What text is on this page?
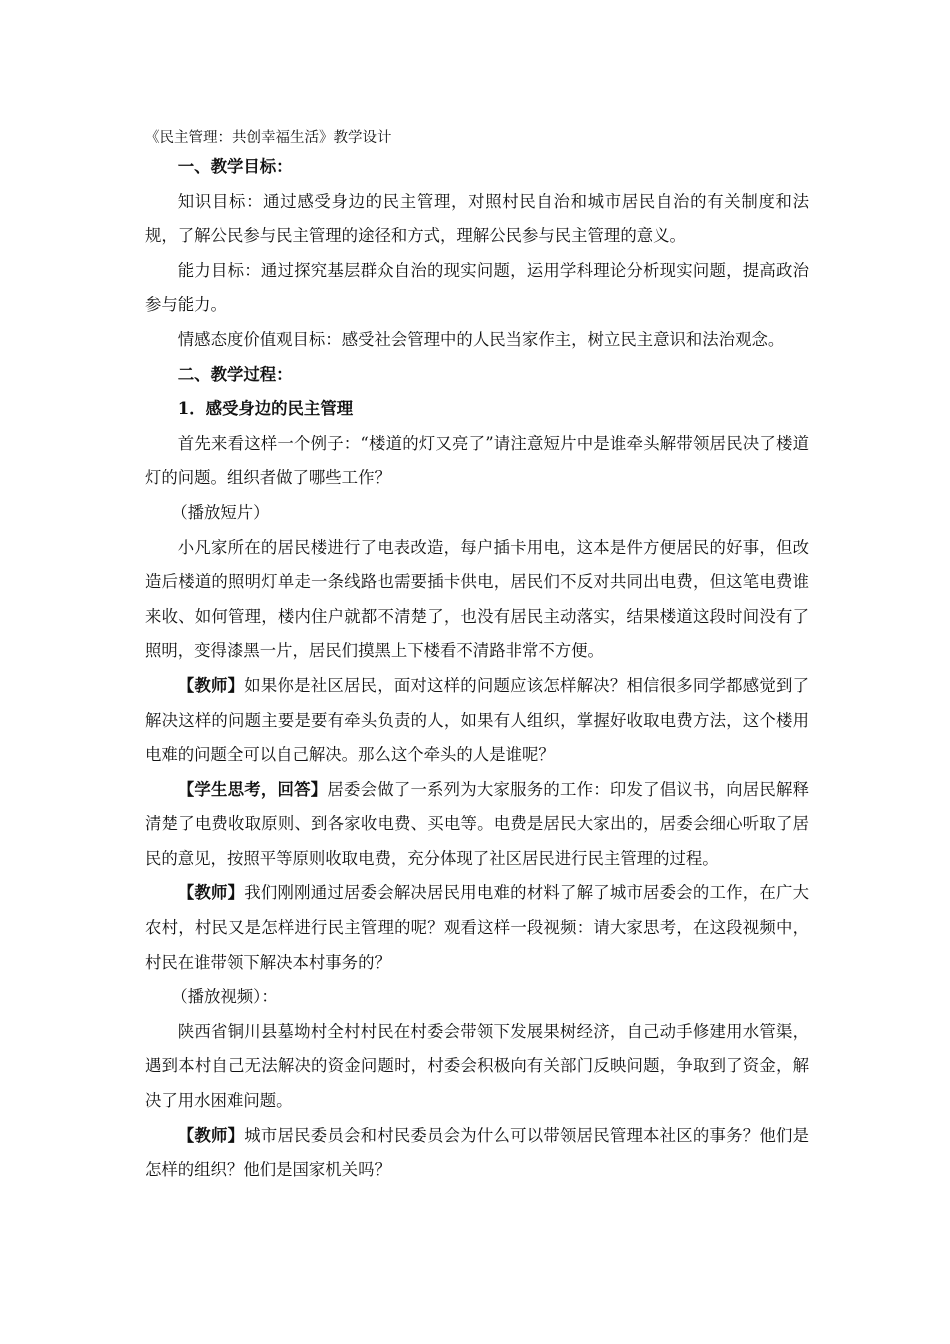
《民主管理：共创幸福生活》教学设计

一、教学目标：

知识目标：通过感受身边的民主管理，对照村民自治和城市居民自治的有关制度和法规，了解公民参与民主管理的途径和方式，理解公民参与民主管理的意义。

能力目标：通过探究基层群众自治的现实问题，运用学科理论分析现实问题，提高政治参与能力。

情感态度价值观目标：感受社会管理中的人民当家作主，树立民主意识和法治观念。

二、教学过程：

1．感受身边的民主管理

首先来看这样一个例子：“楼道的灯又亮了”请注意短片中是谁牵头解带领居民决了楼道灯的问题。组织者做了哪些工作？

（播放短片）

小凡家所在的居民楼进行了电表改造，每户插卡用电，这本是件方便居民的好事，但改造后楼道的照明灯单走一条线路也需要插卡供电，居民们不反对共同出电费，但这笔电费谁来收、如何管理，楼内住户就都不清楚了，也没有居民主动落实，结果楼道这段时间没有了照明，变得漆黑一片，居民们摸黑上下楼看不清路非常不方便。

【教师】如果你是社区居民，面对这样的问题应该怎样解决？相信很多同学都感觉到了解决这样的问题主要是要有牵头负责的人，如果有人组织，掌握好收取电费方法，这个楼用电难的问题全可以自己解决。那么这个牵头的人是谁呢？

【学生思考，回答】居委会做了一系列为大家服务的工作：印发了倡议书，向居民解释清楚了电费收取原则、到各家收电费、买电等。电费是居民大家出的，居委会细心听取了居民的意见，按照平等原则收取电费，充分体现了社区居民进行民主管理的过程。

【教师】我们刚刚通过居委会解决居民用电难的材料了解了城市居委会的工作，在广大农村，村民又是怎样进行民主管理的呢？观看这样一段视频：请大家思考，在这段视频中，村民在谁带领下解决本村事务的？

（播放视频）：

陕西省铜川县墓坳村全村村民在村委会带领下发展果树经济，自己动手修建用水管渠，遇到本村自己无法解决的资金问题时，村委会积极向有关部门反映问题，争取到了资金，解决了用水困难问题。

【教师】城市居民委员会和村民委员会为什么可以带领居民管理本社区的事务？他们是怎样的组织？他们是国家机关吗？
